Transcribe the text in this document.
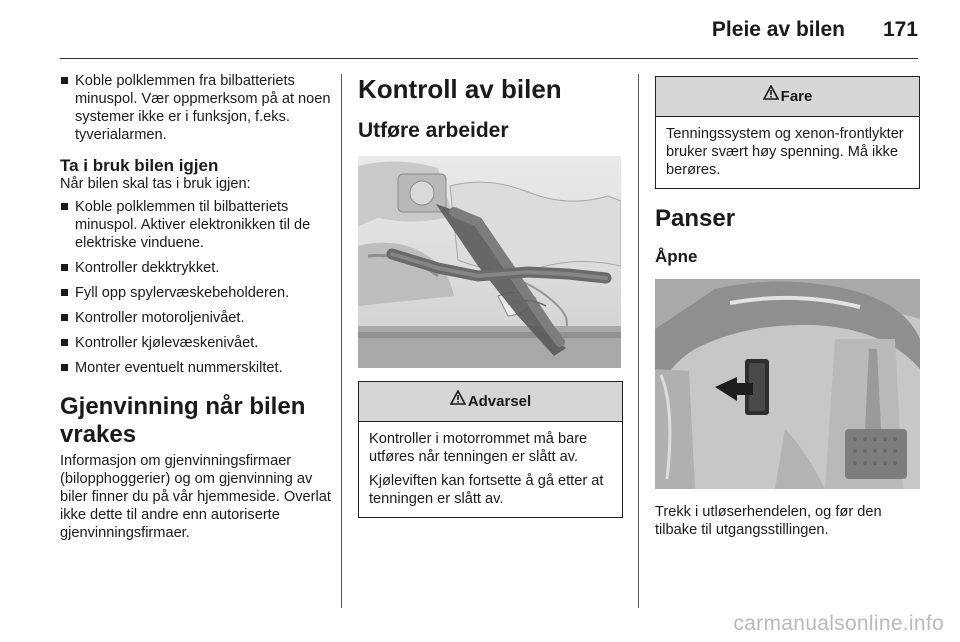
Pleie av bilen 171
Koble polklemmen fra bilbatteriets minuspol. Vær oppmerksom på at noen systemer ikke er i funksjon, f.eks. tyverialarmen.
Ta i bruk bilen igjen
Når bilen skal tas i bruk igjen:
Koble polklemmen til bilbatteriets minuspol. Aktiver elektronikken til de elektriske vinduene.
Kontroller dekktrykket.
Fyll opp spylervæskebeholderen.
Kontroller motoroljenivået.
Kontroller kjølevæskenivået.
Monter eventuelt nummerskiltet.
Gjenvinning når bilen vrakes
Informasjon om gjenvinningsfirmaer (bilopphoggerier) og om gjenvinning av biler finner du på vår hjemmeside. Overlat ikke dette til andre enn autoriserte gjenvinningsfirmaer.
Kontroll av bilen
Utføre arbeider
Advarsel
Kontroller i motorrommet må bare utføres når tenningen er slått av.
Kjøleviften kan fortsette å gå etter at tenningen er slått av.
Fare
Tenningssystem og xenon-frontlykter bruker svært høy spenning. Må ikke berøres.
Panser
Åpne
Trekk i utløserhendelen, og før den tilbake til utgangsstillingen.
carmanualsonline.info
